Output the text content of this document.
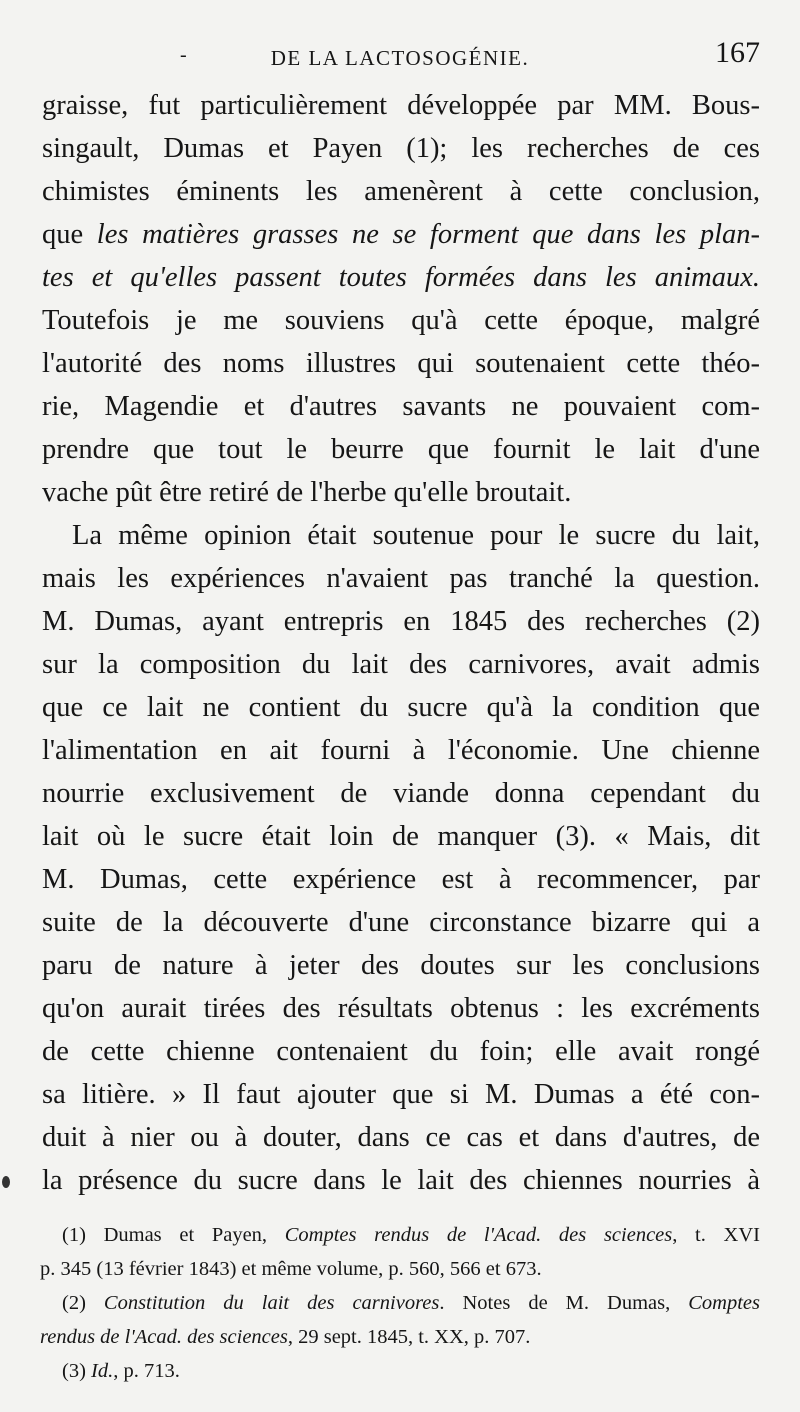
-	DE LA LACTOSOGÉNIE.	167
graisse, fut particulièrement développée par MM. Bous-
singault, Dumas et Payen (1); les recherches de ces
chimistes éminents les amenèrent à cette conclusion,
que les matières grasses ne se forment que dans les plan-
tes et qu'elles passent toutes formées dans les animaux.
Toutefois je me souviens qu'à cette époque, malgré
l'autorité des noms illustres qui soutenaient cette théo-
rie, Magendie et d'autres savants ne pouvaient com-
prendre que tout le beurre que fournit le lait d'une
vache pût être retiré de l'herbe qu'elle broutait.
La même opinion était soutenue pour le sucre du lait,
mais les expériences n'avaient pas tranché la question.
M. Dumas, ayant entrepris en 1845 des recherches (2)
sur la composition du lait des carnivores, avait admis
que ce lait ne contient du sucre qu'à la condition que
l'alimentation en ait fourni à l'économie. Une chienne
nourrie exclusivement de viande donna cependant du
lait où le sucre était loin de manquer (3). « Mais, dit
M. Dumas, cette expérience est à recommencer, par
suite de la découverte d'une circonstance bizarre qui a
paru de nature à jeter des doutes sur les conclusions
qu'on aurait tirées des résultats obtenus : les excréments
de cette chienne contenaient du foin; elle avait rongé
sa litière. » Il faut ajouter que si M. Dumas a été con-
duit à nier ou à douter, dans ce cas et dans d'autres, de
la présence du sucre dans le lait des chiennes nourries à
(1) Dumas et Payen, Comptes rendus de l'Acad. des sciences, t. XVI
p. 345 (13 février 1843) et même volume, p. 560, 566 et 673.
(2) Constitution du lait des carnivores. Notes de M. Dumas, Comptes
rendus de l'Acad. des sciences, 29 sept. 1845, t. XX, p. 707.
(3) Id., p. 713.
